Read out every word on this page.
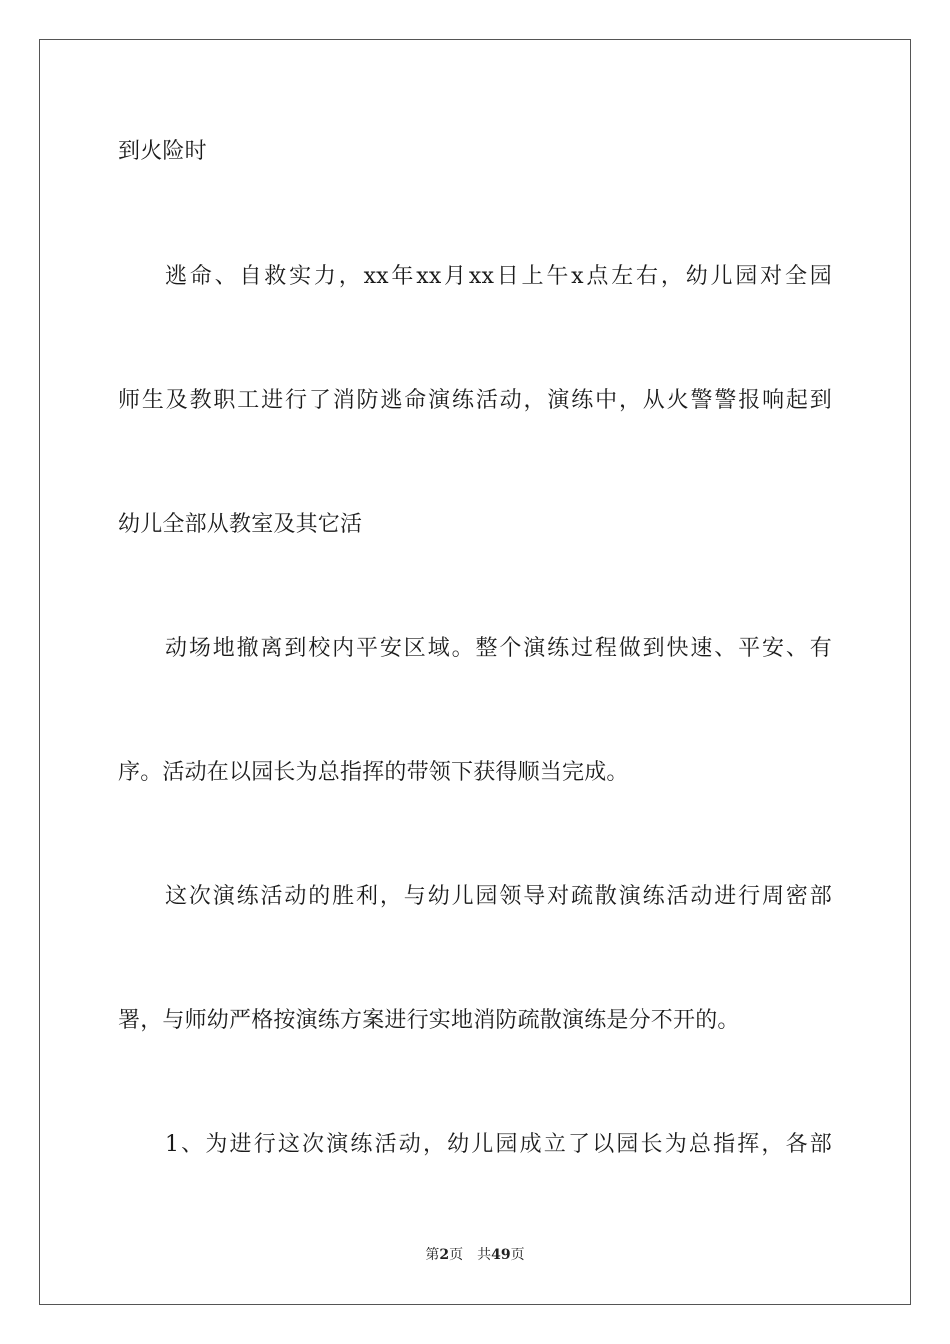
到火险时
逃命、自救实力，xx年xx月xx日上午x点左右，幼儿园对全园
师生及教职工进行了消防逃命演练活动，演练中，从火警警报响起到
幼儿全部从教室及其它活
动场地撤离到校内平安区域。整个演练过程做到快速、平安、有
序。活动在以园长为总指挥的带领下获得顺当完成。
这次演练活动的胜利，与幼儿园领导对疏散演练活动进行周密部
署，与师幼严格按演练方案进行实地消防疏散演练是分不开的。
1、为进行这次演练活动，幼儿园成立了以园长为总指挥，各部
第2页 共49页
